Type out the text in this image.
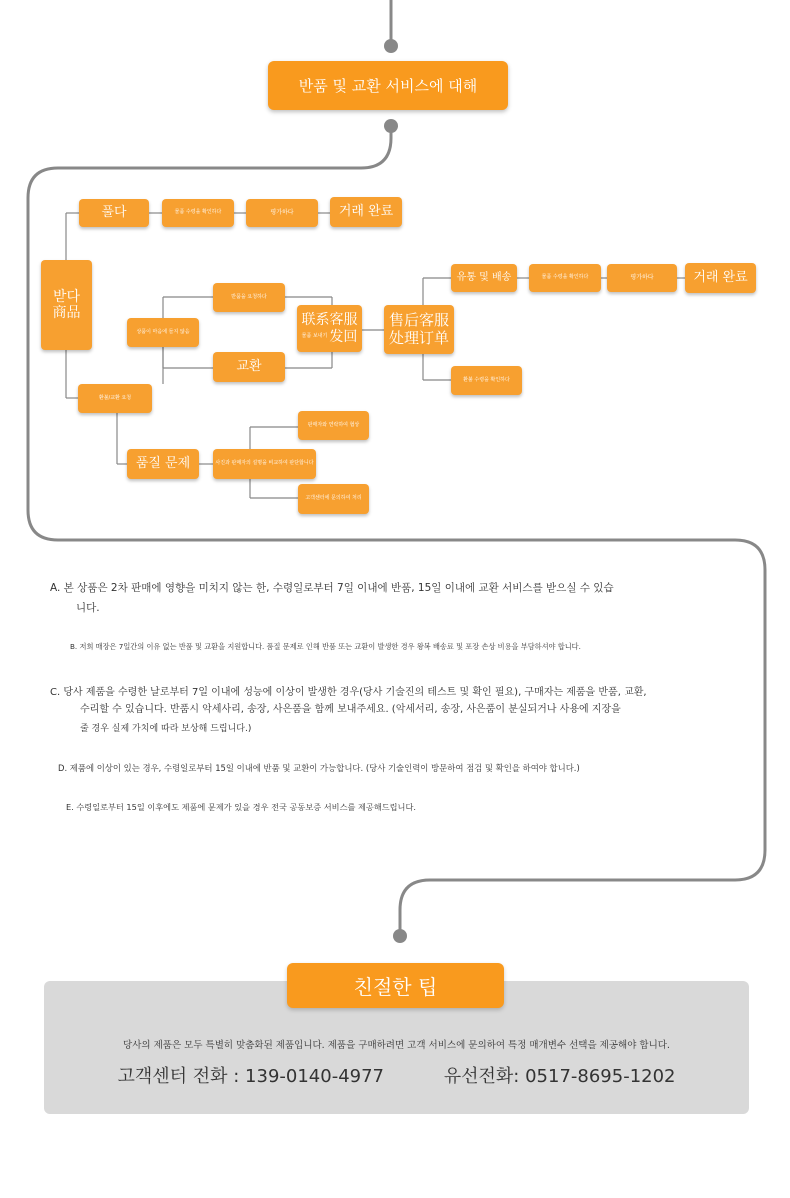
반품 및 교환 서비스에 대해
받다
商品
풀다	물품 수령을 확인하다	평가하다	거래 완료
환불/교환 요청
상품이 마음에 들지 않음
반품을 요청하다
교환
联系客服
물품 보내기 发回
售后客服
处理订单
유통 및 배송	물품 수령을 확인하다	평가하다	거래 완료
환불 수령을 확인하다
품질 문제	사진과 판매자의 설명을 비교하여 판단합니다
판매자와 연락하여 협상
고객센터에 문의하여 처리
A. 본 상품은 2차 판매에 영향을 미치지 않는 한, 수령일로부터 7일 이내에 반품, 15일 이내에 교환 서비스를 받으실 수 있습
니다.
B. 저희 매장은 7일간의 이유 없는 반품 및 교환을 지원합니다. 품질 문제로 인해 반품 또는 교환이 발생한 경우 왕복 배송료 및 포장 손상 비용을 부담하셔야 합니다.
C. 당사 제품을 수령한 날로부터 7일 이내에 성능에 이상이 발생한 경우(당사 기술진의 테스트 및 확인 필요), 구매자는 제품을 반품, 교환,
수리할 수 있습니다. 반품시 악세사리, 송장, 사은품을 함께 보내주세요. (악세서리, 송장, 사은품이 분실되거나 사용에 지장을
줄 경우 실제 가치에 따라 보상해 드립니다.)
D. 제품에 이상이 있는 경우, 수령일로부터 15일 이내에 반품 및 교환이 가능합니다. (당사 기술인력이 방문하여 점검 및 확인을 하여야 합니다.)
E. 수령일로부터 15일 이후에도 제품에 문제가 있을 경우 전국 공동보증 서비스를 제공해드립니다.
친절한 팁
당사의 제품은 모두 특별히 맞춤화된 제품입니다. 제품을 구매하려면 고객 서비스에 문의하여 특정 매개변수 선택을 제공해야 합니다.
고객센터 전화 : 139-0140-4977	유선전화: 0517-8695-1202
